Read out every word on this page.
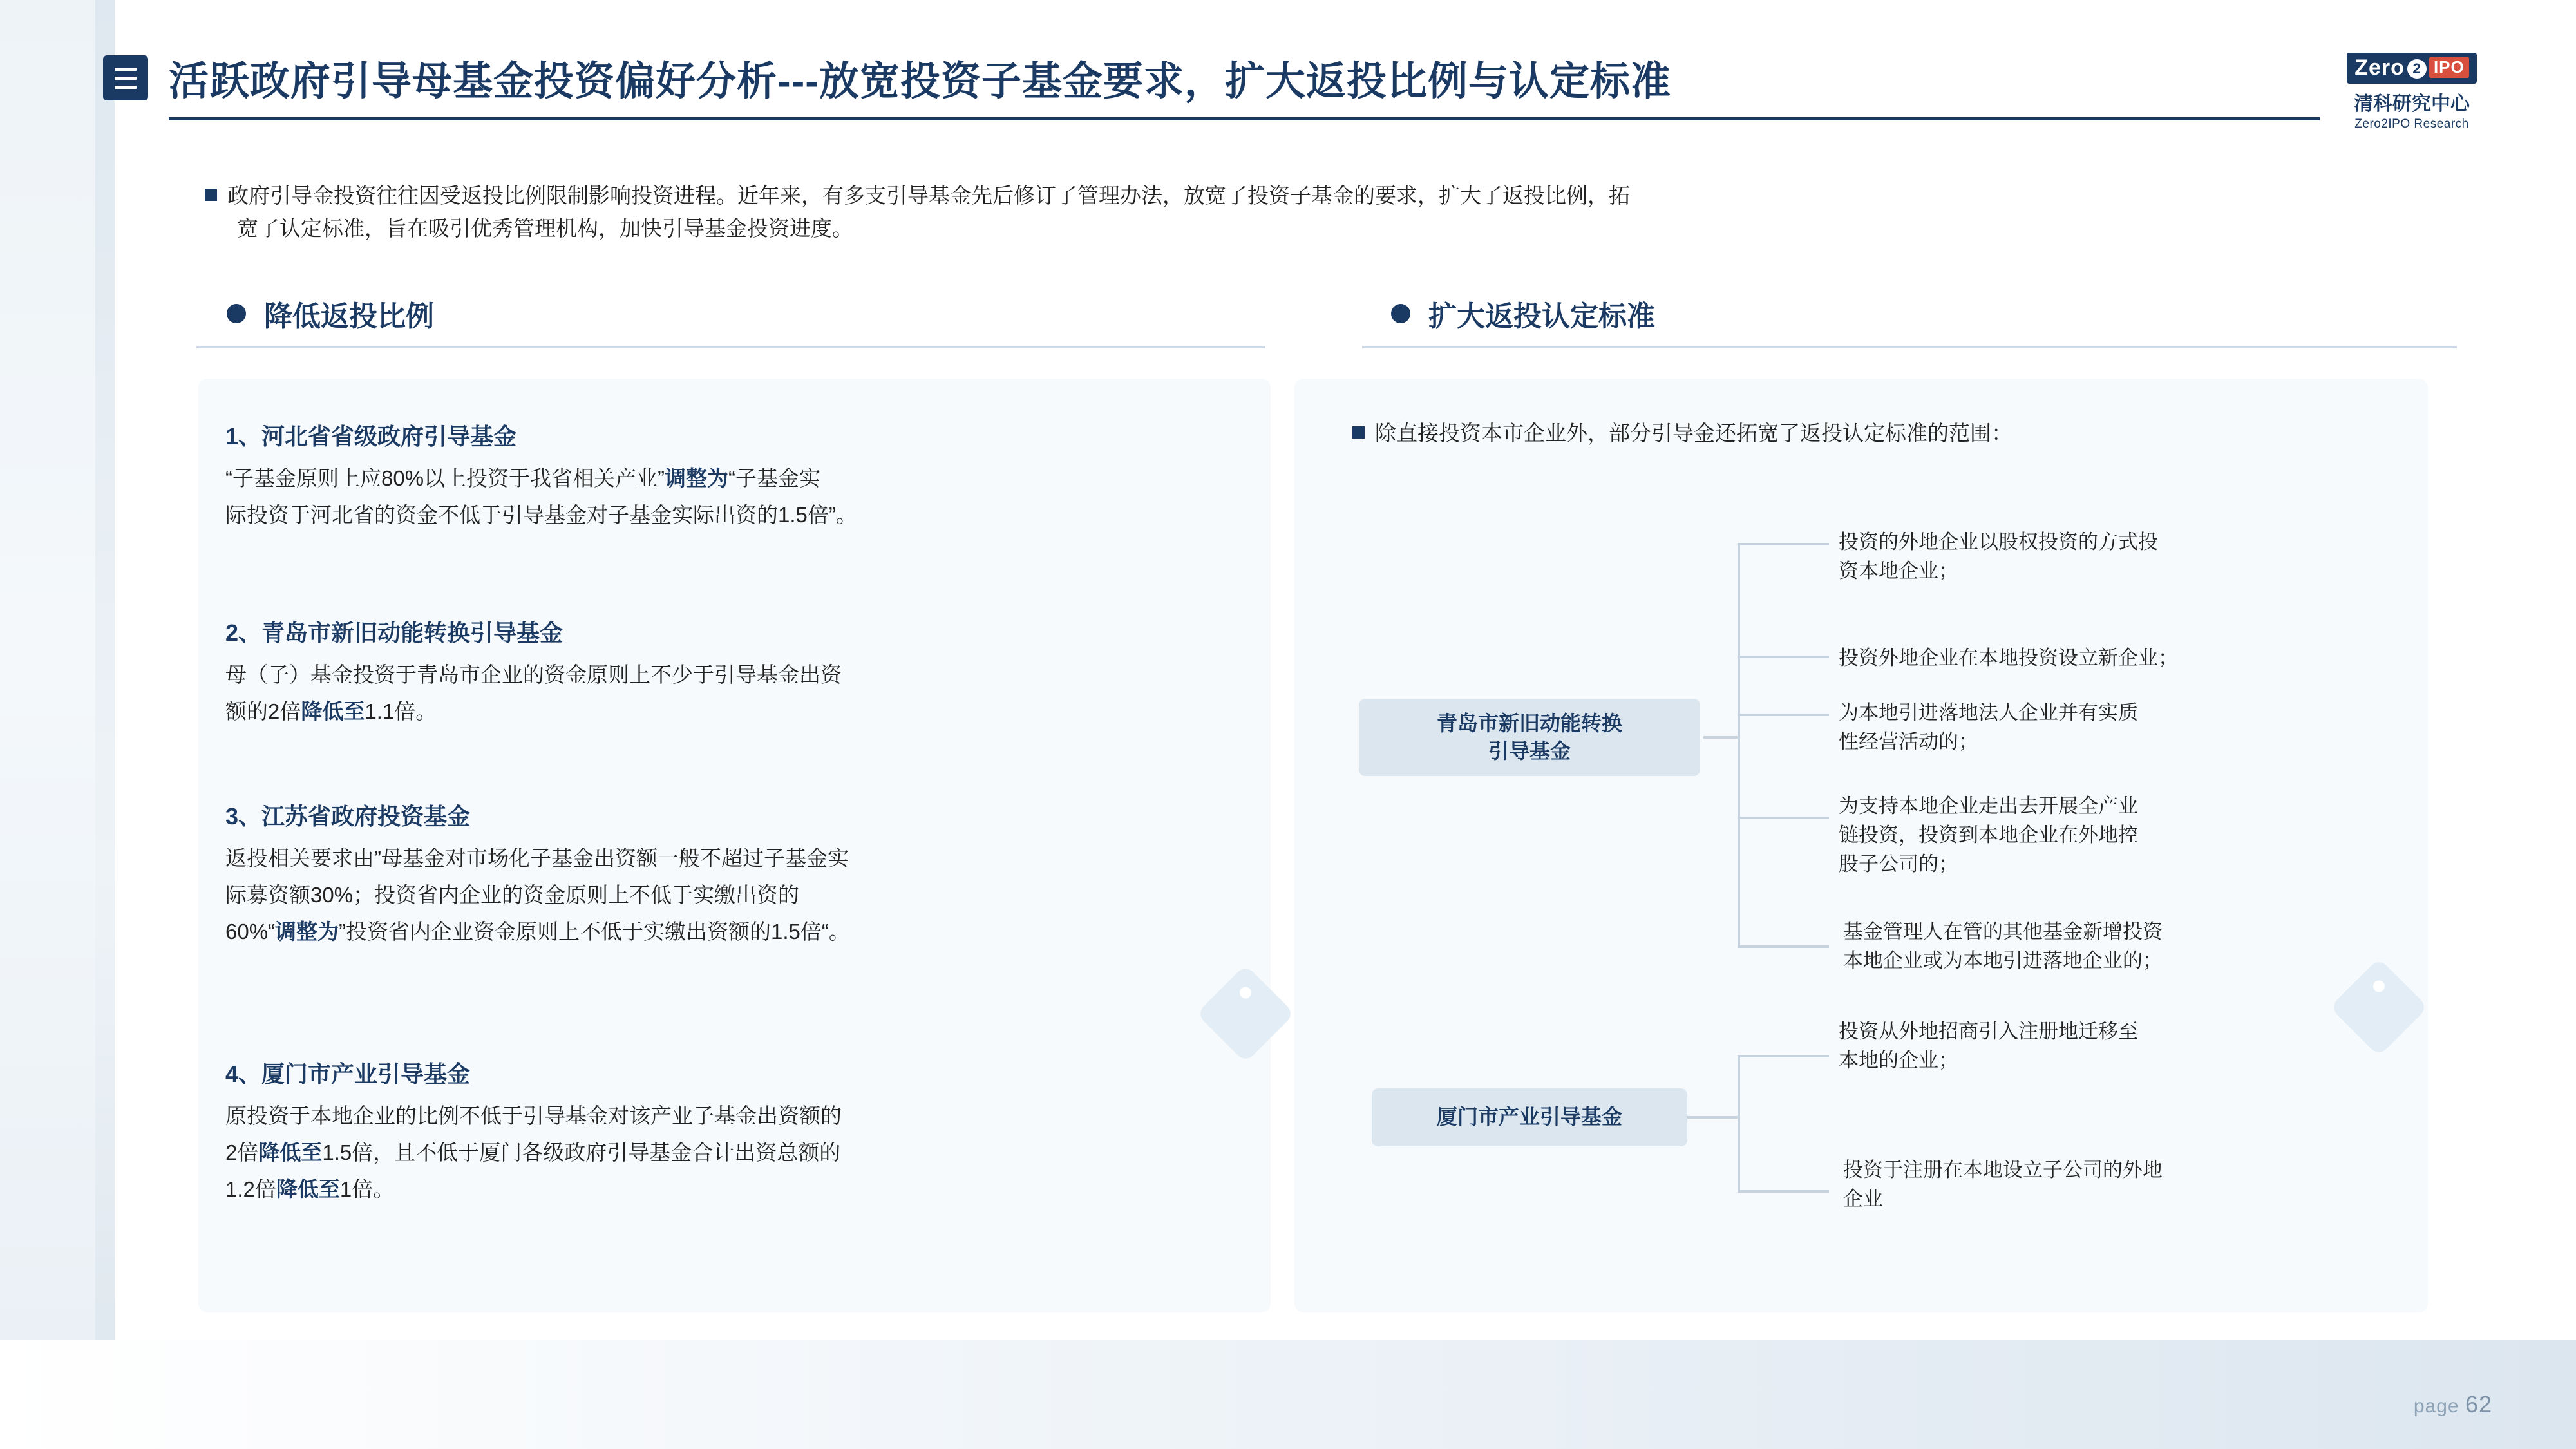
活跃政府引导母基金投资偏好分析---放宽投资子基金要求，扩大返投比例与认定标准	Zero 2 IPO
清科研究中心
Zero2IPO Research
政府引导金投资往往因受返投比例限制影响投资进程。近年来，有多支引导基金先后修订了管理办法，放宽了投资子基金的要求，扩大了返投比例，拓
宽了认定标准，旨在吸引优秀管理机构，加快引导基金投资进度。
降低返投比例	扩大返投认定标准
1、河北省省级政府引导基金
“子基金原则上应80%以上投资于我省相关产业”调整为“子基金实
际投资于河北省的资金不低于引导基金对子基金实际出资的1.5倍”。
2、青岛市新旧动能转换引导基金
母（子）基金投资于青岛市企业的资金原则上不少于引导基金出资
额的2倍降低至1.1倍。
3、江苏省政府投资基金
返投相关要求由”母基金对市场化子基金出资额一般不超过子基金实
际募资额30%；投资省内企业的资金原则上不低于实缴出资的
60%“调整为”投资省内企业资金原则上不低于实缴出资额的1.5倍“。
4、厦门市产业引导基金
原投资于本地企业的比例不低于引导基金对该产业子基金出资额的
2倍降低至1.5倍，且不低于厦门各级政府引导基金合计出资总额的
1.2倍降低至1倍。
除直接投资本市企业外，部分引导金还拓宽了返投认定标准的范围：
青岛市新旧动能转换
引导基金
厦门市产业引导基金
投资的外地企业以股权投资的方式投
资本地企业；
投资外地企业在本地投资设立新企业；
为本地引进落地法人企业并有实质
性经营活动的；
为支持本地企业走出去开展全产业
链投资，投资到本地企业在外地控
股子公司的；
基金管理人在管的其他基金新增投资
本地企业或为本地引进落地企业的；
投资从外地招商引入注册地迁移至
本地的企业；
投资于注册在本地设立子公司的外地
企业
page 62
